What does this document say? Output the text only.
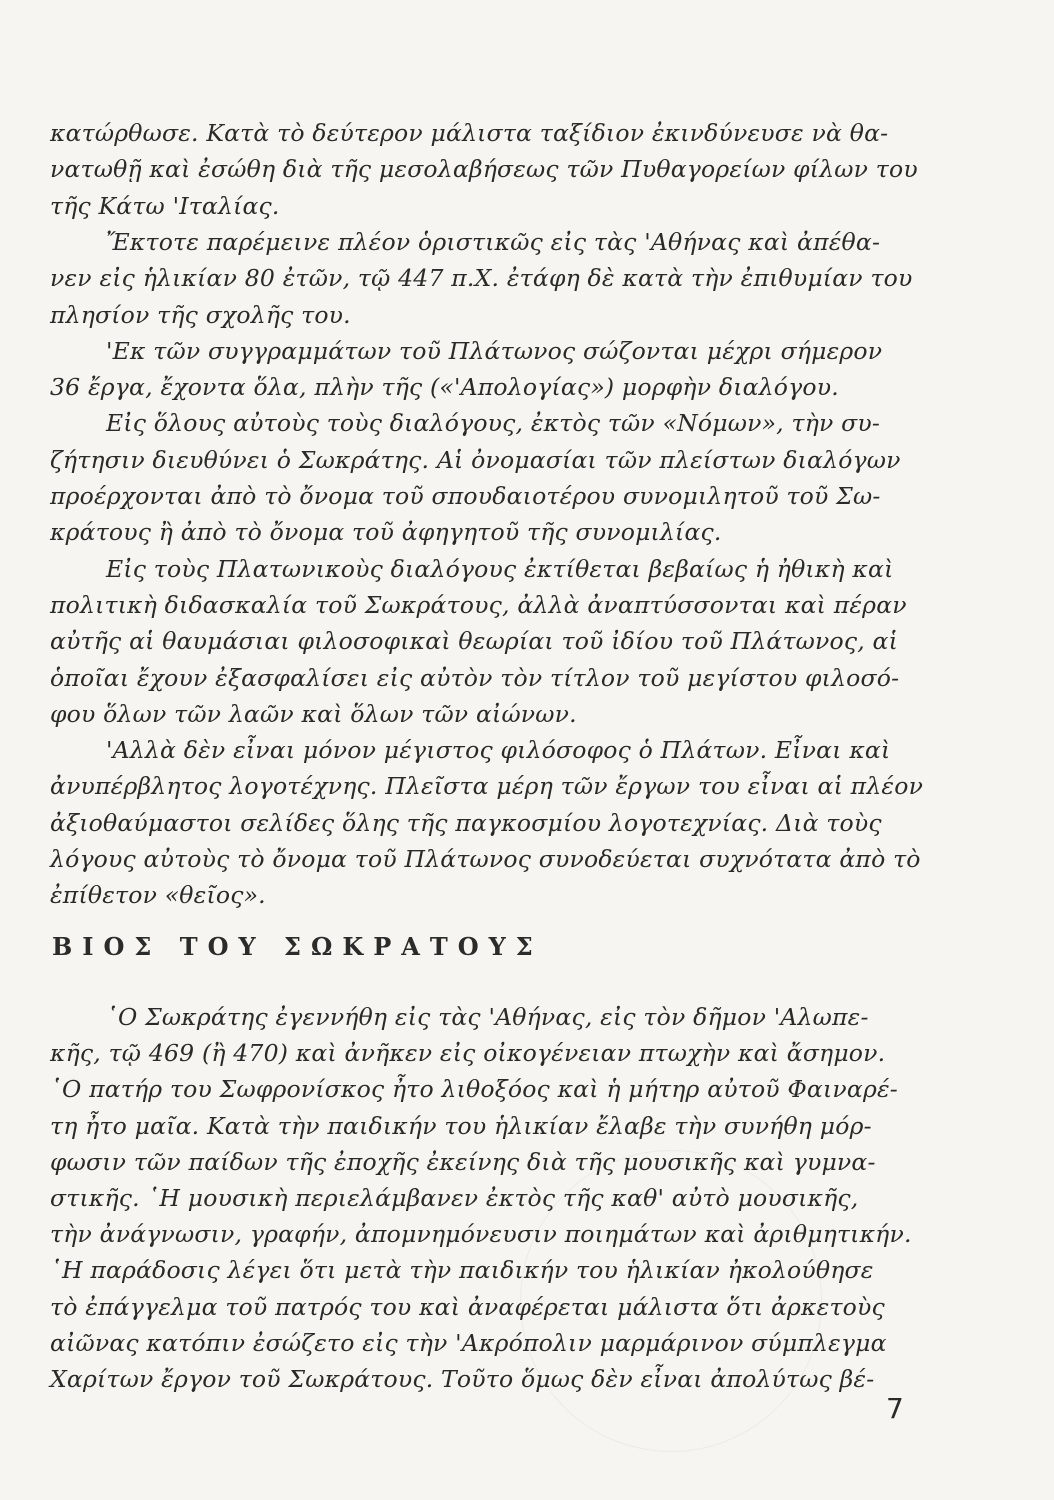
κατώρθωσε. Κατὰ τὸ δεύτερον μάλιστα ταξίδιον ἐκινδύνευσε νὰ θα-
νατωθῇ καὶ ἐσώθη διὰ τῆς μεσολαβήσεως τῶν Πυθαγορείων φίλων του
τῆς Κάτω 'Ιταλίας.
Ἔκτοτε παρέμεινε πλέον ὁριστικῶς εἰς τὰς 'Αθήνας καὶ ἀπέθα-
νεν εἰς ἡλικίαν 80 ἐτῶν, τῷ 447 π.Χ. ἐτάφη δὲ κατὰ τὴν ἐπιθυμίαν του
πλησίον τῆς σχολῆς του.
'Εκ τῶν συγγραμμάτων τοῦ Πλάτωνος σώζονται μέχρι σήμερον
36 ἔργα, ἔχοντα ὅλα, πλὴν τῆς («'Απολογίας») μορφὴν διαλόγου.
Εἰς ὅλους αὐτοὺς τοὺς διαλόγους, ἐκτὸς τῶν «Νόμων», τὴν συ-
ζήτησιν διευθύνει ὁ Σωκράτης. Αἱ ὀνομασίαι τῶν πλείστων διαλόγων
προέρχονται ἀπὸ τὸ ὄνομα τοῦ σπουδαιοτέρου συνομιλητοῦ τοῦ Σω-
κράτους ἢ ἀπὸ τὸ ὄνομα τοῦ ἀφηγητοῦ τῆς συνομιλίας.
Εἰς τοὺς Πλατωνικοὺς διαλόγους ἐκτίθεται βεβαίως ἡ ἠθικὴ καὶ
πολιτικὴ διδασκαλία τοῦ Σωκράτους, ἀλλὰ ἀναπτύσσονται καὶ πέραν
αὐτῆς αἱ θαυμάσιαι φιλοσοφικαὶ θεωρίαι τοῦ ἰδίου τοῦ Πλάτωνος, αἱ
ὁποῖαι ἔχουν ἐξασφαλίσει εἰς αὐτὸν τὸν τίτλον τοῦ μεγίστου φιλοσό-
φου ὅλων τῶν λαῶν καὶ ὅλων τῶν αἰώνων.
'Αλλὰ δὲν εἶναι μόνον μέγιστος φιλόσοφος ὁ Πλάτων. Εἶναι καὶ
ἀνυπέρβλητος λογοτέχνης. Πλεῖστα μέρη τῶν ἔργων του εἶναι αἱ πλέον
ἀξιοθαύμαστοι σελίδες ὅλης τῆς παγκοσμίου λογοτεχνίας. Διὰ τοὺς
λόγους αὐτοὺς τὸ ὄνομα τοῦ Πλάτωνος συνοδεύεται συχνότατα ἀπὸ τὸ
ἐπίθετον «θεῖος».
ΒΙΟΣ ΤΟΥ ΣΩΚΡΑΤΟΥΣ
῾Ο Σωκράτης ἐγεννήθη εἰς τὰς 'Αθήνας, εἰς τὸν δῆμον 'Αλωπε-
κῆς, τῷ 469 (ἢ 470) καὶ ἀνῆκεν εἰς οἰκογένειαν πτωχὴν καὶ ἄσημον.
῾Ο πατήρ του Σωφρονίσκος ἦτο λιθοξόος καὶ ἡ μήτηρ αὐτοῦ Φαιναρέ-
τη ἦτο μαῖα. Κατὰ τὴν παιδικήν του ἡλικίαν ἔλαβε τὴν συνήθη μόρ-
φωσιν τῶν παίδων τῆς ἐποχῆς ἐκείνης διὰ τῆς μουσικῆς καὶ γυμνα-
στικῆς. ῾Η μουσικὴ περιελάμβανεν ἐκτὸς τῆς καθ' αὐτὸ μουσικῆς,
τὴν ἀνάγνωσιν, γραφήν, ἀπομνημόνευσιν ποιημάτων καὶ ἀριθμητικήν.
῾Η παράδοσις λέγει ὅτι μετὰ τὴν παιδικήν του ἡλικίαν ἠκολούθησε
τὸ ἐπάγγελμα τοῦ πατρός του καὶ ἀναφέρεται μάλιστα ὅτι ἀρκετοὺς
αἰῶνας κατόπιν ἐσώζετο εἰς τὴν 'Ακρόπολιν μαρμάρινον σύμπλεγμα
Χαρίτων ἔργον τοῦ Σωκράτους. Τοῦτο ὅμως δὲν εἶναι ἀπολύτως βέ-
7
